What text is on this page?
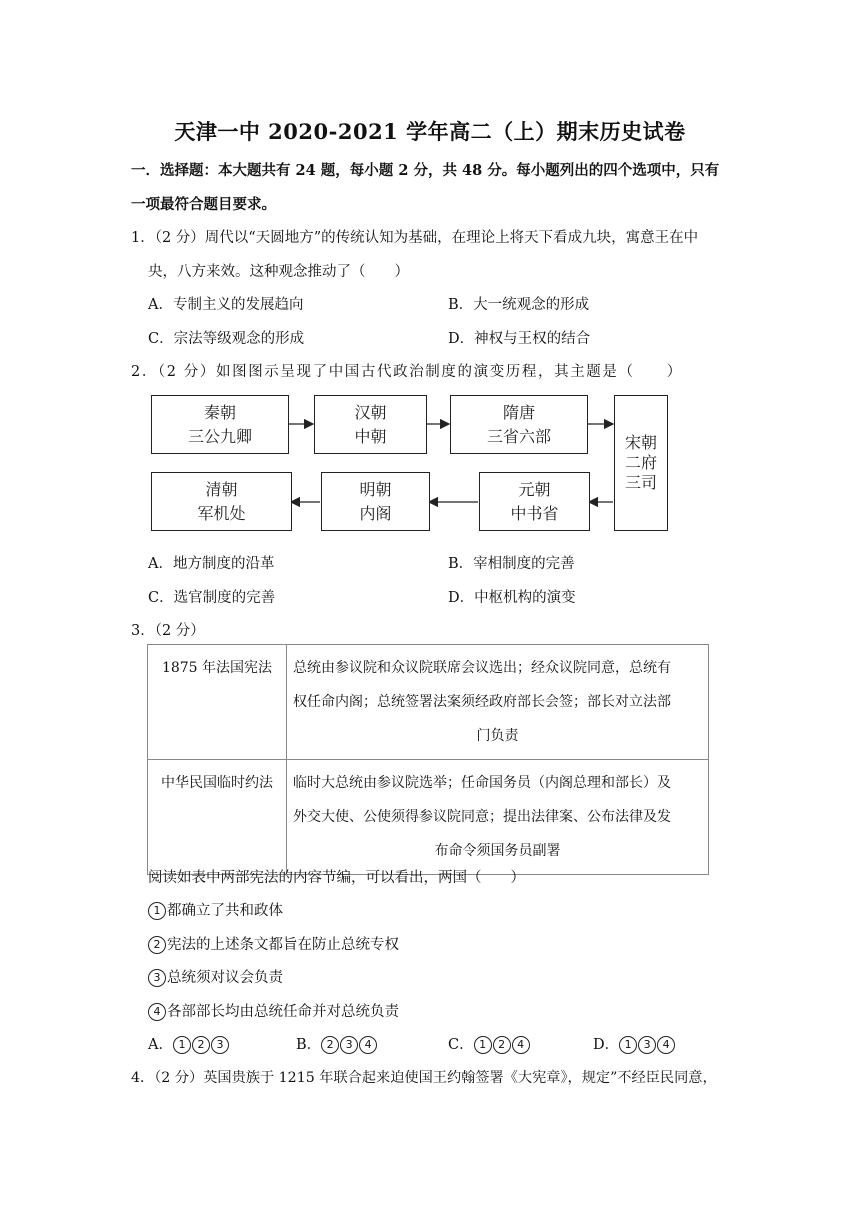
天津一中 2020-2021 学年高二（上）期末历史试卷
一．选择题：本大题共有 24 题，每小题 2 分，共 48 分。每小题列出的四个选项中，只有
一项最符合题目要求。
1．（2 分）周代以“天圆地方”的传统认知为基础，在理论上将天下看成九块，寓意王在中
央，八方来效。这种观念推动了（　　）
A．专制主义的发展趋向	B．大一统观念的形成
C．宗法等级观念的形成	D．神权与王权的结合
2．（2 分）如图图示呈现了中国古代政治制度的演变历程，其主题是（　　）
秦朝
三公九卿
汉朝
中朝
隋唐
三省六部	宋 朝
二 府
三 司
元朝
中书省
明朝
内阁
清朝
军机处
A．地方制度的沿革	B．宰相制度的完善
C．选官制度的完善	D．中枢机构的演变
3．（2 分）
1875 年法国宪法	总统由参议院和众议院联席会议选出；经众议院同意，总统有
权任命内阁；总统签署法案须经政府部长会签；部长对立法部
门负责

中华民国临时约法	临时大总统由参议院选举；任命国务员（内阁总理和部长）及
外交大使、公使须得参议院同意；提出法律案、公布法律及发
布命令须国务员副署
阅读如表中两部宪法的内容节编，可以看出，两国（　　）
1 都确立了共和政体
2 宪法的上述条文都旨在防止总统专权
3 总统须对议会负责
4 各部部长均由总统任命并对总统负责
A． 1 2 3	B． 2 3 4	C． 1 2 4	D． 1 3 4
4．（2 分）英国贵族于 1215 年联合起来迫使国王约翰签署《大宪章》，规定”不经臣民同意，
